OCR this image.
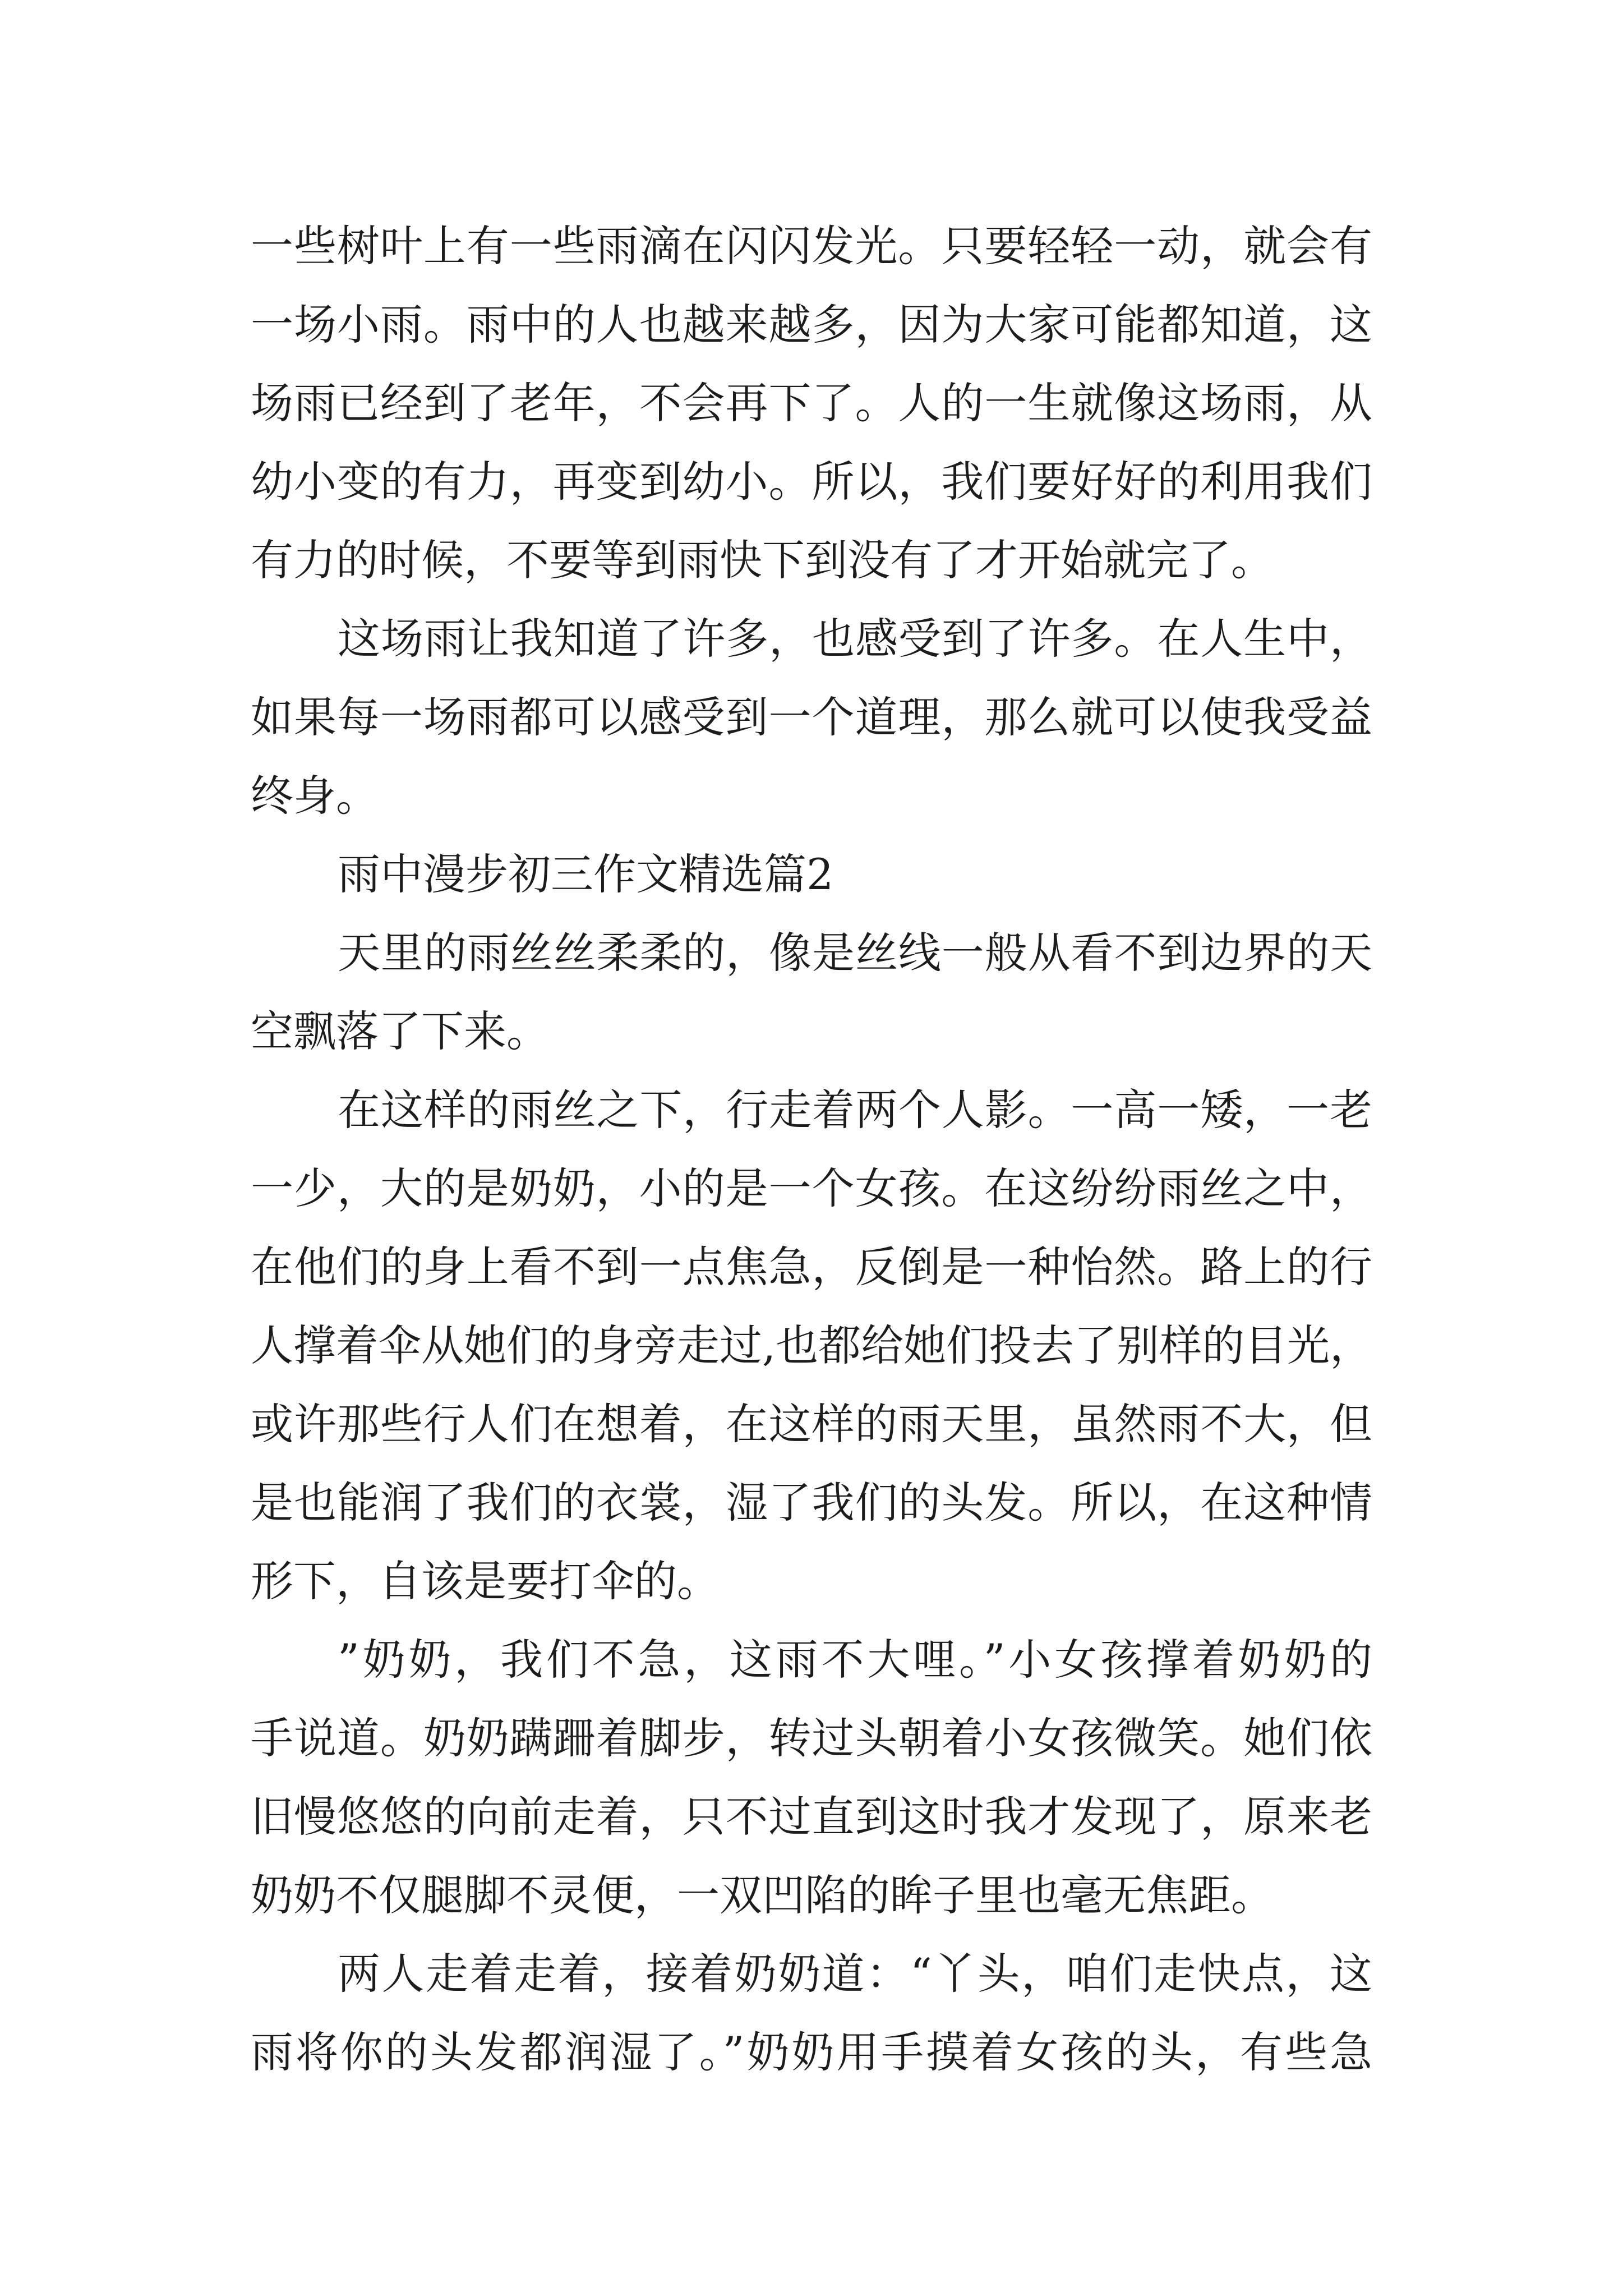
一些树叶上有一些雨滴在闪闪发光。只要轻轻一动，就会有
一场小雨。雨中的人也越来越多，因为大家可能都知道，这
场雨已经到了老年，不会再下了。人的一生就像这场雨，从
幼小变的有力，再变到幼小。所以，我们要好好的利用我们
有力的时候，不要等到雨快下到没有了才开始就完了。
这场雨让我知道了许多，也感受到了许多。在人生中，
如果每一场雨都可以感受到一个道理，那么就可以使我受益
终身。
雨中漫步初三作文精选篇2
天里的雨丝丝柔柔的，像是丝线一般从看不到边界的天
空飘落了下来。
在这样的雨丝之下，行走着两个人影。一高一矮，一老
一少，大的是奶奶，小的是一个女孩。在这纷纷雨丝之中，
在他们的身上看不到一点焦急，反倒是一种怡然。路上的行
人撑着伞从她们的身旁走过,也都给她们投去了别样的目光，
或许那些行人们在想着，在这样的雨天里，虽然雨不大，但
是也能润了我们的衣裳，湿了我们的头发。所以，在这种情
形下，自该是要打伞的。
”奶奶，我们不急，这雨不大哩。”小女孩撑着奶奶的
手说道。奶奶蹒跚着脚步，转过头朝着小女孩微笑。她们依
旧慢悠悠的向前走着，只不过直到这时我才发现了，原来老
奶奶不仅腿脚不灵便，一双凹陷的眸子里也毫无焦距。
两人走着走着，接着奶奶道：“丫头，咱们走快点，这
雨将你的头发都润湿了。”奶奶用手摸着女孩的头，有些急
